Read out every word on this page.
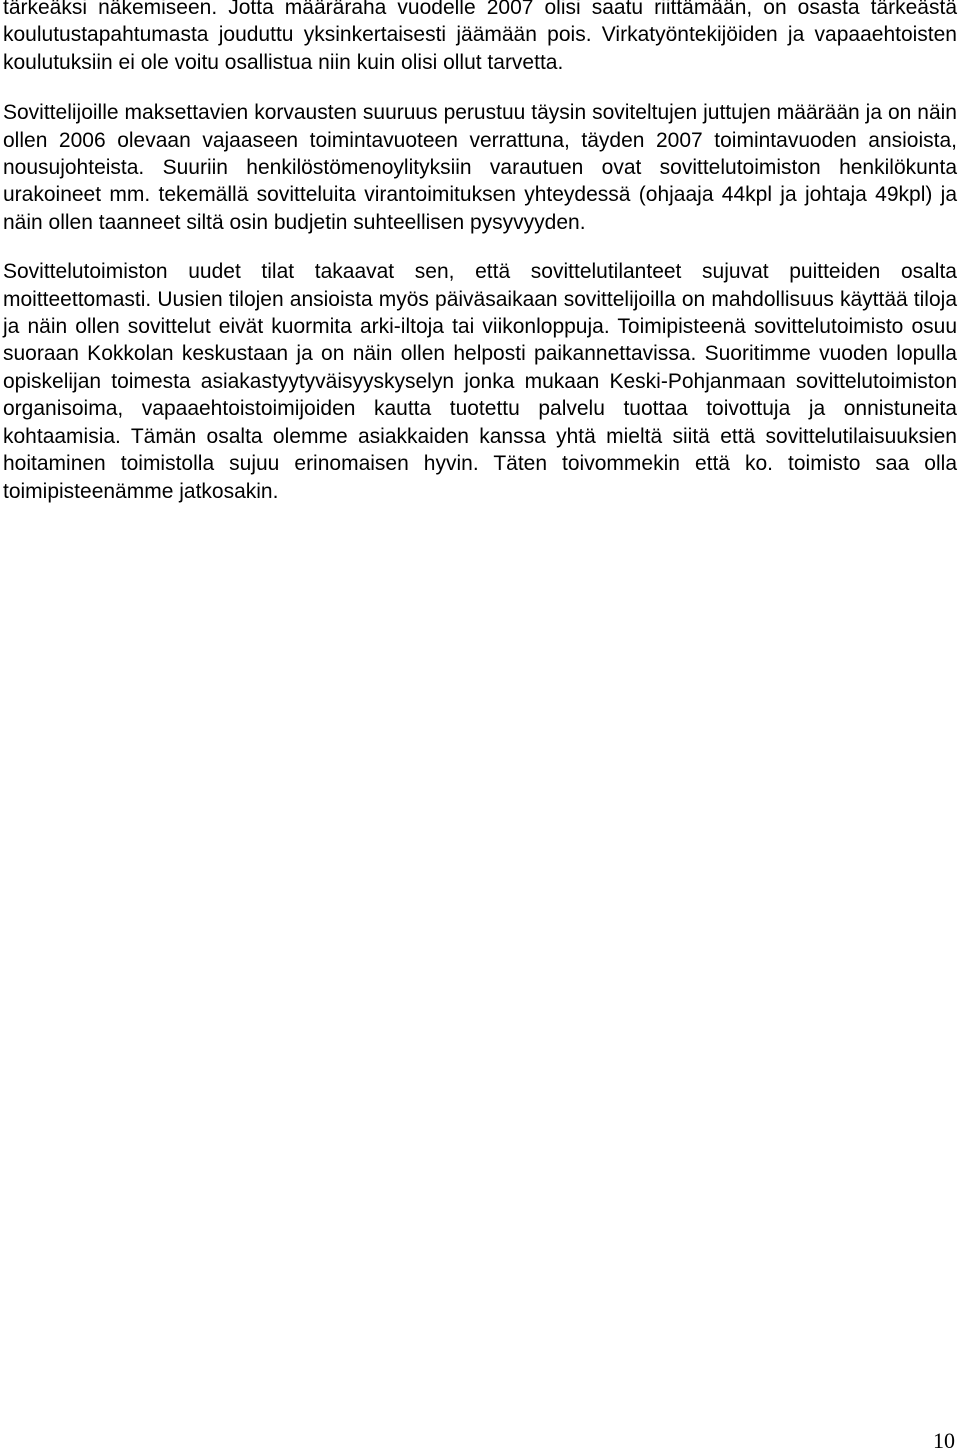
tärkeäksi näkemiseen. Jotta määräraha vuodelle 2007 olisi saatu riittämään, on osasta tärkeästä koulutustapahtumasta jouduttu yksinkertaisesti jäämään pois. Virkatyöntekijöiden ja vapaaehtoisten koulutuksiin ei ole voitu osallistua niin kuin olisi ollut tarvetta.

Sovittelijoille maksettavien korvausten suuruus perustuu täysin soviteltujen juttujen määrään ja on näin ollen 2006 olevaan vajaaseen toimintavuoteen verrattuna, täyden 2007 toimintavuoden ansioista, nousujohteista. Suuriin henkilöstömenoylityksiin varautuen ovat sovittelutoimiston henkilökunta urakoineet mm. tekemällä sovitteluita virantoimituksen yhteydessä (ohjaaja 44kpl ja johtaja 49kpl) ja näin ollen taanneet siltä osin budjetin suhteellisen pysyvyyden.

Sovittelutoimiston uudet tilat takaavat sen, että sovittelutilanteet sujuvat puitteiden osalta moitteettomasti. Uusien tilojen ansioista myös päiväsaikaan sovittelijoilla on mahdollisuus käyttää tiloja ja näin ollen sovittelut eivät kuormita arki-iltoja tai viikonloppuja. Toimipisteenä sovittelutoimisto osuu suoraan Kokkolan keskustaan ja on näin ollen helposti paikannettavissa. Suoritimme vuoden lopulla opiskelijan toimesta asiakastyytyväisyyskyselyn jonka mukaan Keski-Pohjanmaan sovittelutoimiston organisoima, vapaaehtoistoimijoiden kautta tuotettu palvelu tuottaa toivottuja ja onnistuneita kohtaamisia. Tämän osalta olemme asiakkaiden kanssa yhtä mieltä siitä että sovittelutilaisuuksien hoitaminen toimistolla sujuu erinomaisen hyvin. Täten toivommekin että ko. toimisto saa olla toimipisteenämme jatkosakin.

10
